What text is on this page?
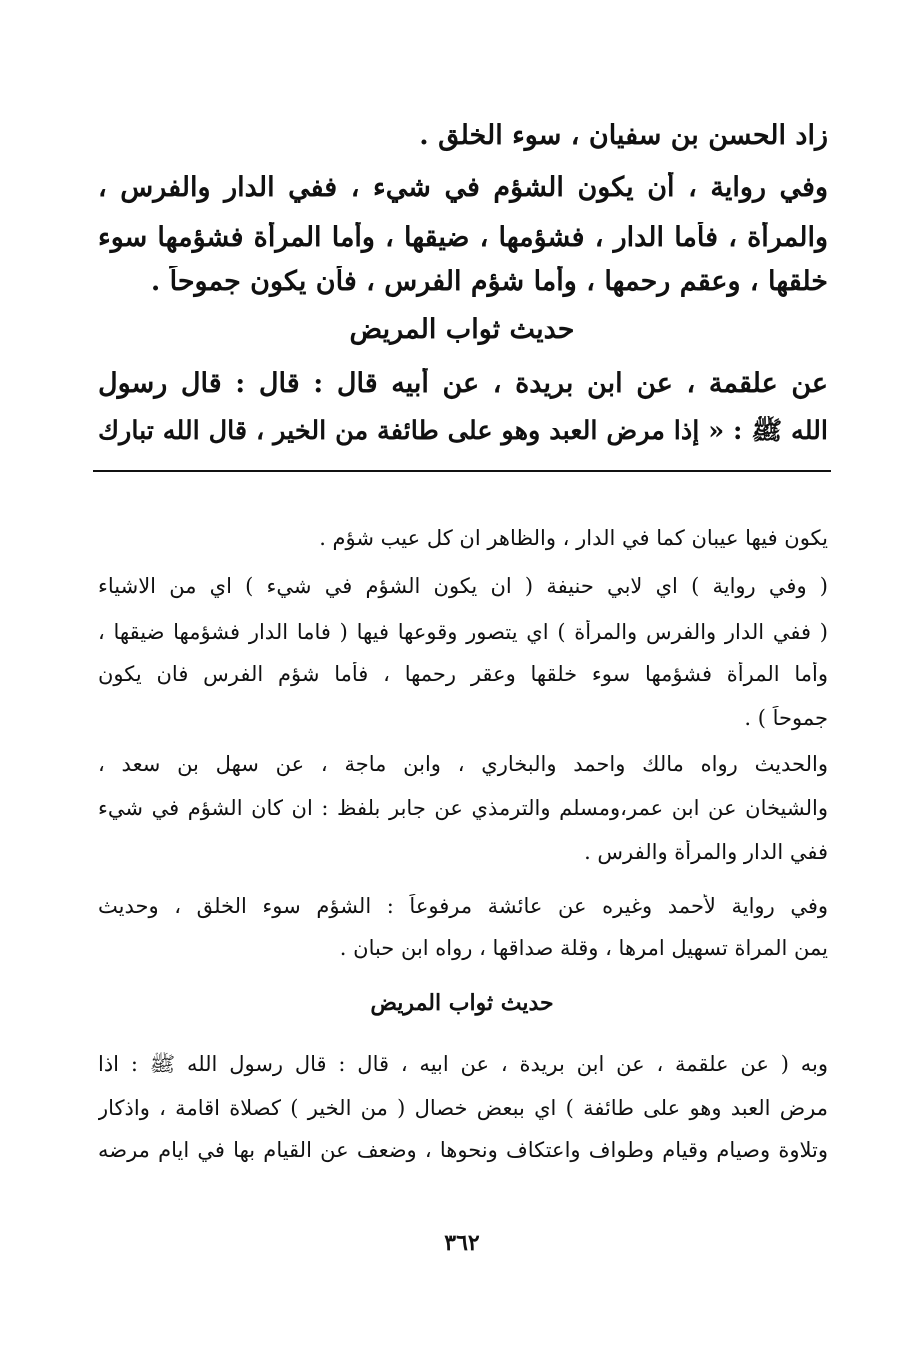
زاد الحسن بن سفيان ، سوء الخلق .
وفي رواية ، أن يكون الشؤم في شيء ، ففي الدار والفرس ،
والمرأة ، فأما الدار ، فشؤمها ، ضيقها ، وأما المرأة فشؤمها سوء
خلقها ، وعقم رحمها ، وأما شؤم الفرس ، فأن يكون جموحاً .
حديث ثواب المريض
عن علقمة ، عن ابن بريدة ، عن أبيه قال : قال : قال رسول
الله ﷺ : « إذا مرض العبد وهو على طائفة من الخير ، قال الله تبارك
يكون فيها عيبان كما في الدار ، والظاهر ان كل عيب شؤم .
( وفي رواية ) اي لابي حنيفة ( ان يكون الشؤم في شيء ) اي من الاشياء
( ففي الدار والفرس والمرأة ) اي يتصور وقوعها فيها ( فاما الدار فشؤمها ضيقها ،
وأما المرأة فشؤمها سوء خلقها وعقر رحمها ، فأما شؤم الفرس فان يكون
جموحاً ) .
والحديث رواه مالك واحمد والبخاري ، وابن ماجة ، عن سهل بن سعد ،
والشيخان عن ابن عمر،ومسلم والترمذي عن جابر بلفظ : ان كان الشؤم في شيء
ففي الدار والمرأة والفرس .
وفي رواية لأحمد وغيره عن عائشة مرفوعاً : الشؤم سوء الخلق ، وحديث
يمن المراة تسهيل امرها ، وقلة صداقها ، رواه ابن حبان .
حديث ثواب المريض
وبه ( عن علقمة ، عن ابن بريدة ، عن ابيه ، قال : قال رسول الله ﷺ : اذا
مرض العبد وهو على طائفة ) اي ببعض خصال ( من الخير ) كصلاة اقامة ، واذكار
وتلاوة وصيام وقيام وطواف واعتكاف ونحوها ، وضعف عن القيام بها في ايام مرضه
٣٦٢
